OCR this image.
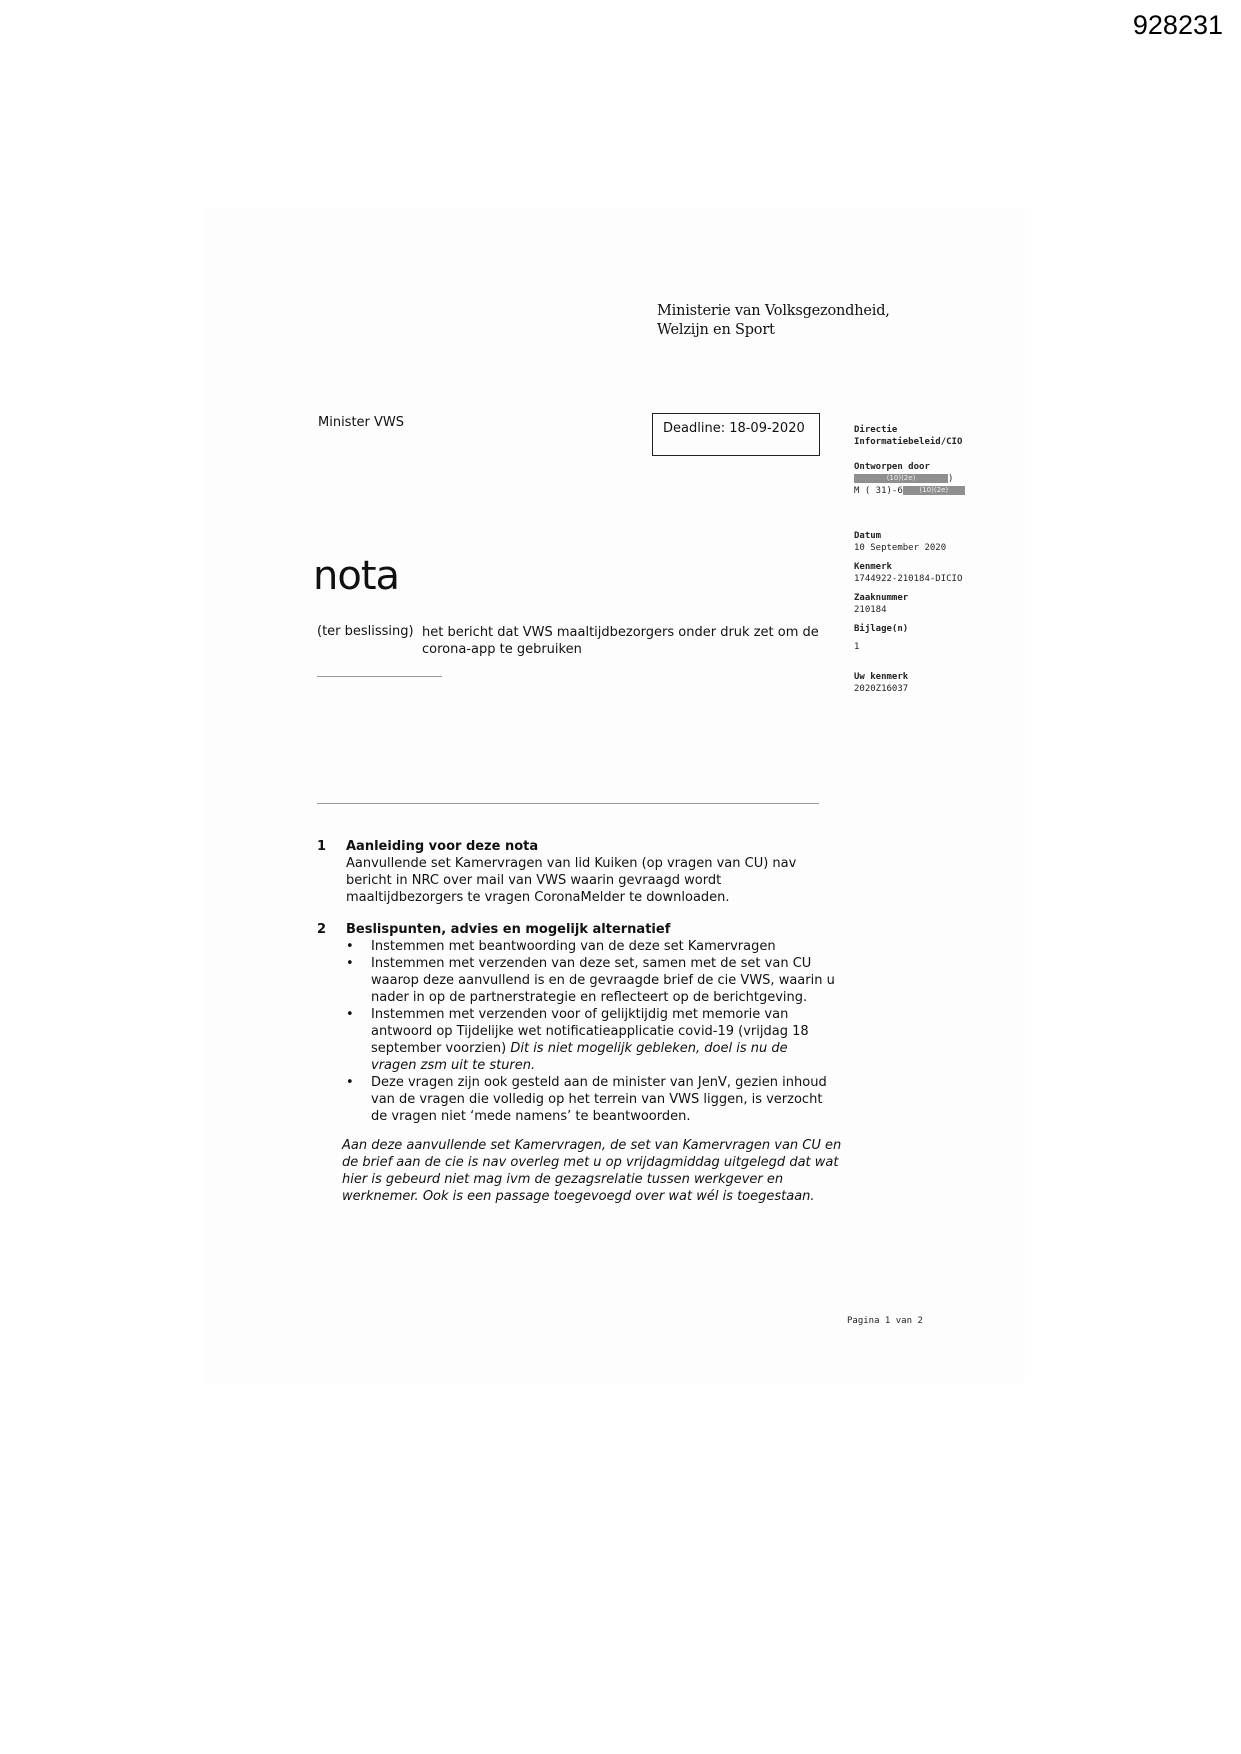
928231
Ministerie van Volksgezondheid,
Welzijn en Sport
Minister VWS	Deadline: 18-09-2020	Directie
Informatiebeleid/CIO
Ontworpen door
(10)(2e)	)
M ( 31)-6 (10)(2e)
Datum
10 September 2020
Kenmerk
1744922-210184-DICIO
Zaaknummer
210184
Bijlage(n)
1
Uw kenmerk
2020Z16037
nota
(ter beslissing) het bericht dat VWS maaltijdbezorgers onder druk zet om de corona-app te gebruiken
1 Aanleiding voor deze nota
Aanvullende set Kamervragen van lid Kuiken (op vragen van CU) nav bericht in NRC over mail van VWS waarin gevraagd wordt maaltijdbezorgers te vragen CoronaMelder te downloaden.
2 Beslispunten, advies en mogelijk alternatief
• Instemmen met beantwoording van de deze set Kamervragen
• Instemmen met verzenden van deze set, samen met de set van CU waarop deze aanvullend is en de gevraagde brief de cie VWS, waarin u nader in op de partnerstrategie en reflecteert op de berichtgeving.
• Instemmen met verzenden voor of gelijktijdig met memorie van antwoord op Tijdelijke wet notificatieapplicatie covid-19 (vrijdag 18 september voorzien) Dit is niet mogelijk gebleken, doel is nu de vragen zsm uit te sturen.
• Deze vragen zijn ook gesteld aan de minister van JenV, gezien inhoud van de vragen die volledig op het terrein van VWS liggen, is verzocht de vragen niet ‘mede namens’ te beantwoorden.
Aan deze aanvullende set Kamervragen, de set van Kamervragen van CU en de brief aan de cie is nav overleg met u op vrijdagmiddag uitgelegd dat wat hier is gebeurd niet mag ivm de gezagsrelatie tussen werkgever en werknemer. Ook is een passage toegevoegd over wat wél is toegestaan.
Pagina 1 van 2
